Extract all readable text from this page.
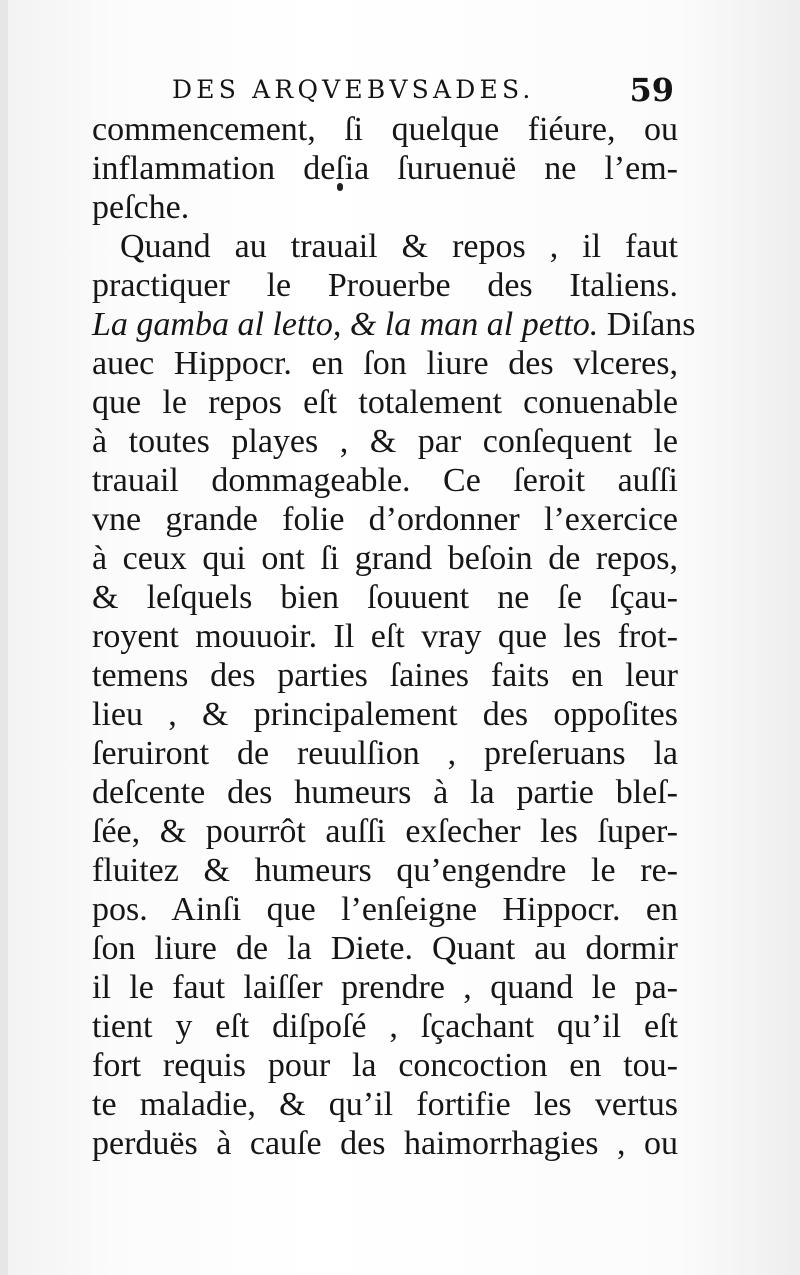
DES ARQVEBVSADES.	59
commencement, ſi quelque fiéure, ou
inflammation deſia ſuruenuë ne l’em-
peſche.
Quand au trauail & repos , il faut
practiquer le Prouerbe des Italiens.
La gamba al letto, & la man al petto. Diſans
auec Hippocr. en ſon liure des vlceres,
que le repos eſt totalement conuenable
à toutes playes , & par conſequent le
trauail dommageable. Ce ſeroit auſſi
vne grande folie d’ordonner l’exercice
à ceux qui ont ſi grand beſoin de repos,
& leſquels bien ſouuent ne ſe ſçau-
royent mouuoir. Il eſt vray que les frot-
temens des parties ſaines faits en leur
lieu , & principalement des oppoſites
ſeruiront de reuulſion , preſeruans la
deſcente des humeurs à la partie bleſ-
ſée, & pourrôt auſſi exſecher les ſuper-
fluitez & humeurs qu’engendre le re-
pos. Ainſi que l’enſeigne Hippocr. en
ſon liure de la Diete. Quant au dormir
il le faut laiſſer prendre , quand le pa-
tient y eſt diſpoſé , ſçachant qu’il eſt
fort requis pour la concoction en tou-
te maladie, & qu’il fortifie les vertus
perduës à cauſe des haimorrhagies , ou
